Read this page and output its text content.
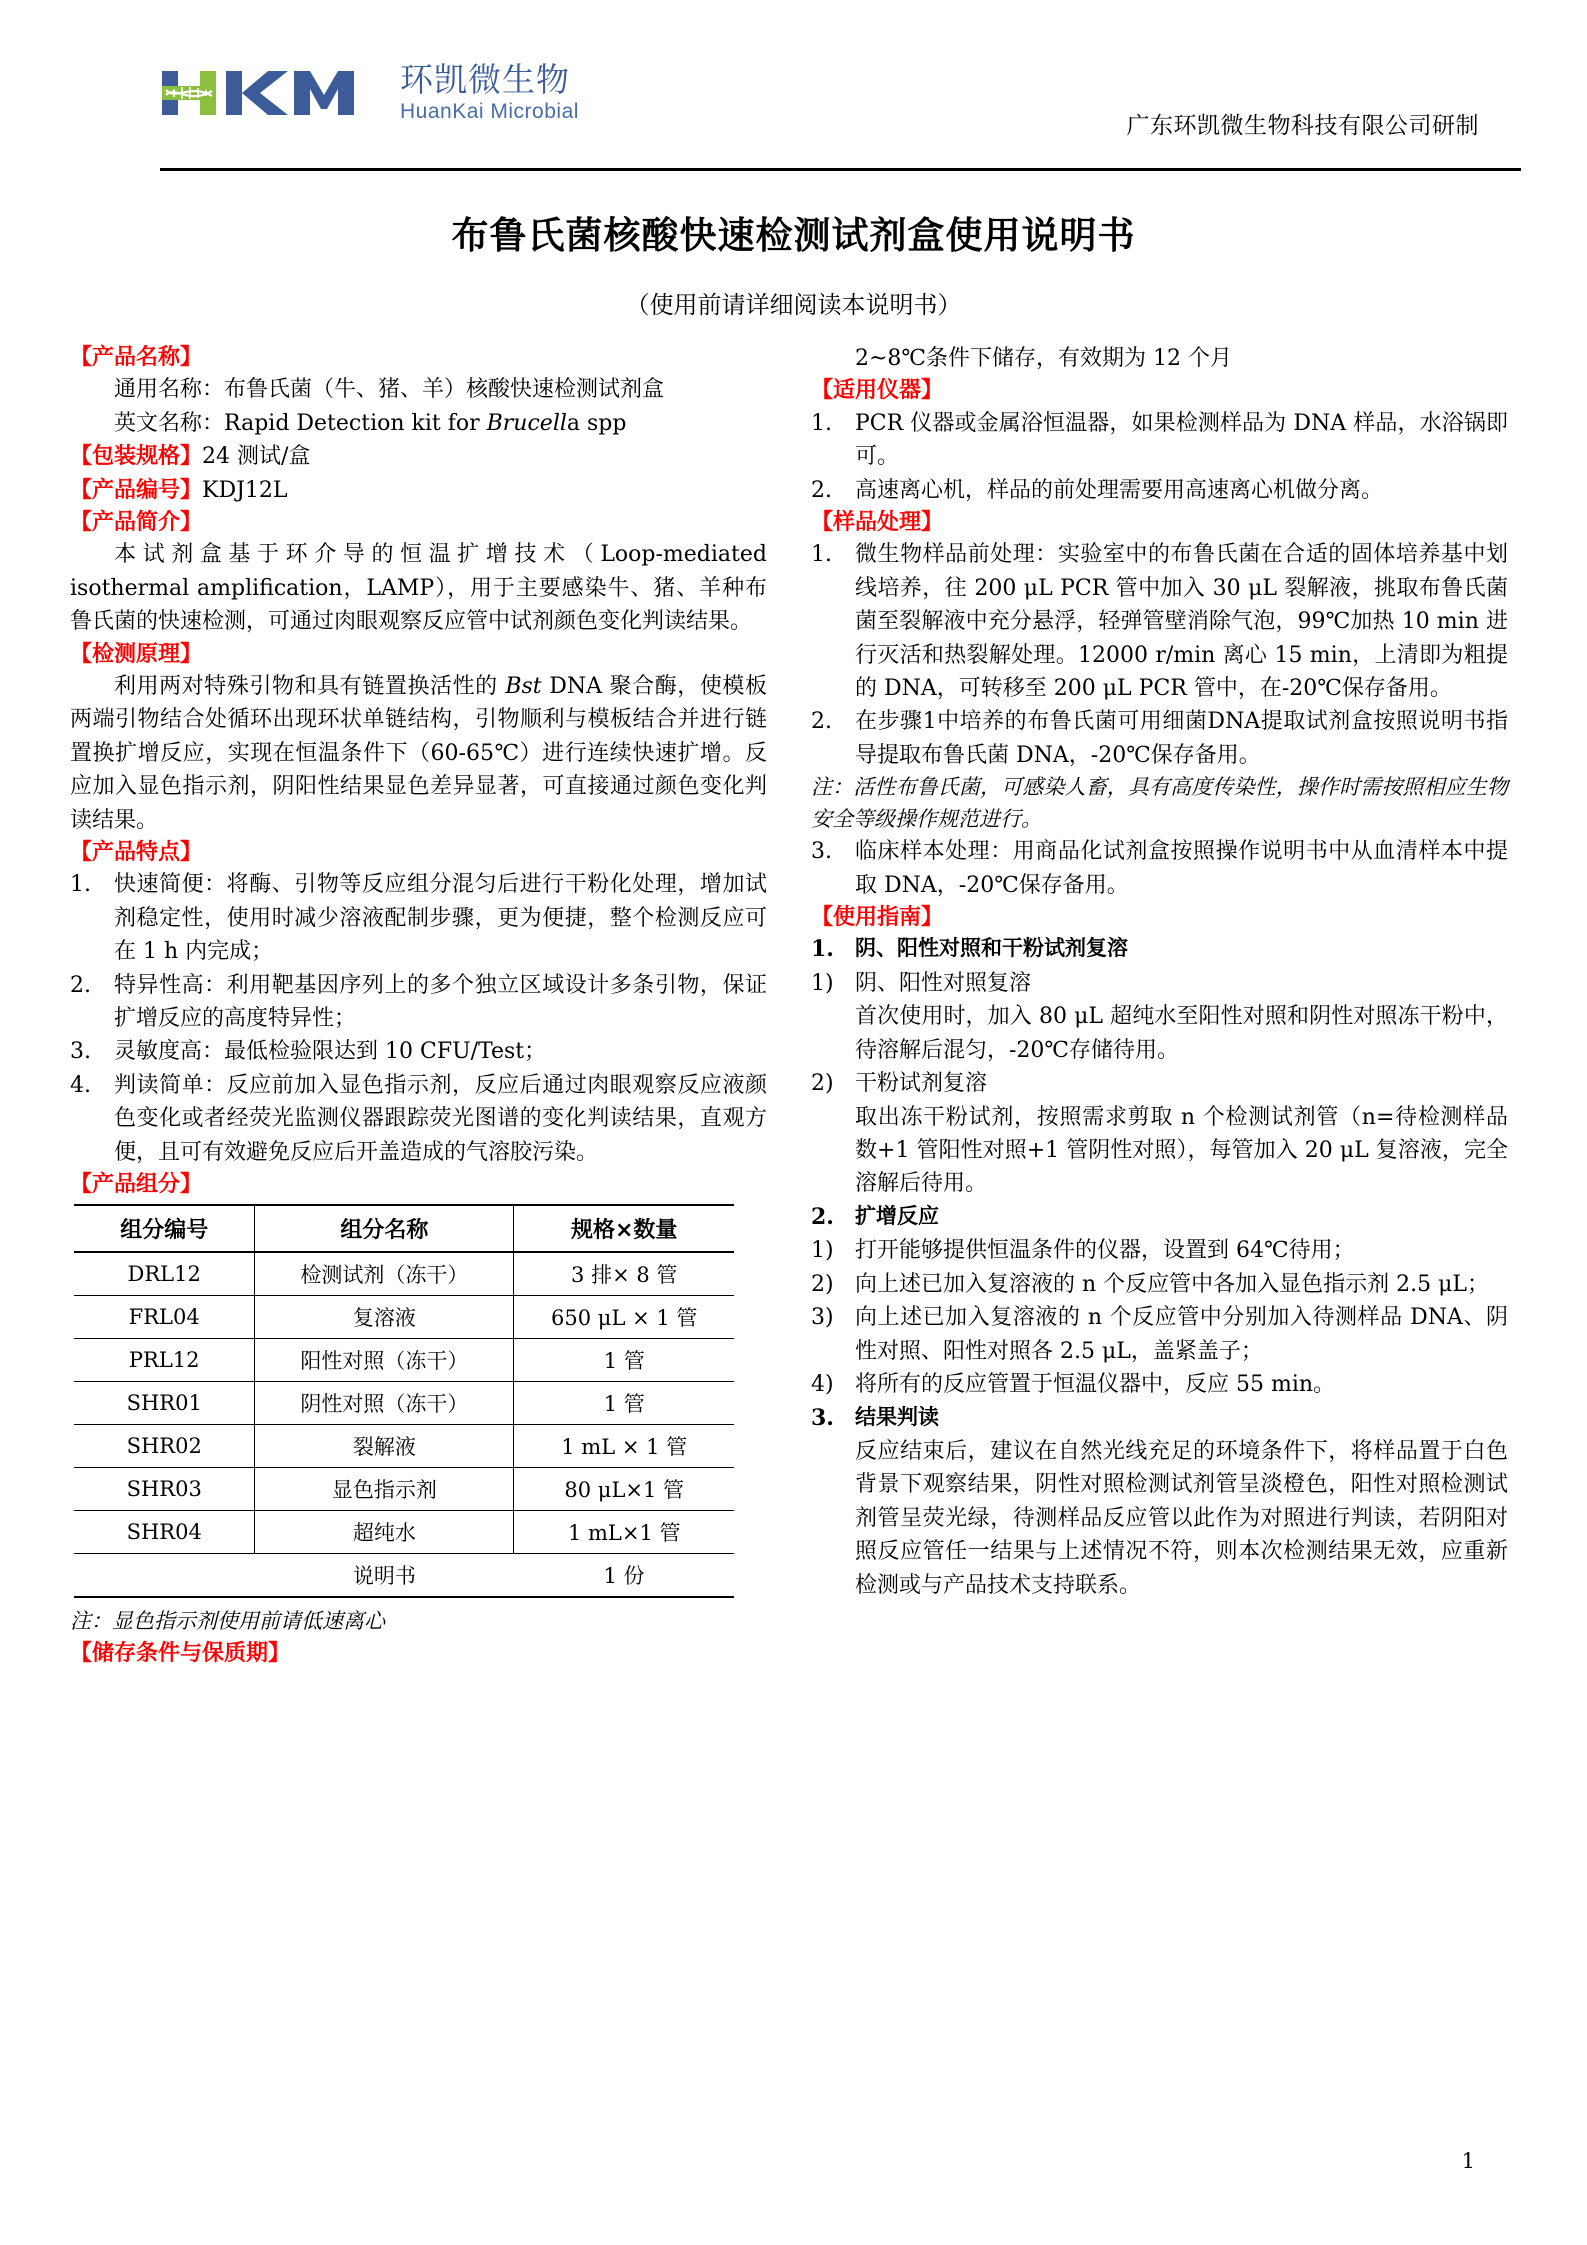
环凯微生物
HuanKai Microbial
广东环凯微生物科技有限公司研制
布鲁氏菌核酸快速检测试剂盒使用说明书
（使用前请详细阅读本说明书）
【产品名称】
通用名称：布鲁氏菌（牛、猪、羊）核酸快速检测试剂盒
英文名称：Rapid Detection kit for Brucella spp
【包装规格】24 测试/盒
【产品编号】KDJ12L
【产品简介】
本试剂盒基于环介导的恒温扩增技术（Loop-mediated isothermal amplification，LAMP），用于主要感染牛、猪、羊种布鲁氏菌的快速检测，可通过肉眼观察反应管中试剂颜色变化判读结果。
【检测原理】
利用两对特殊引物和具有链置换活性的 Bst DNA 聚合酶，使模板两端引物结合处循环出现环状单链结构，引物顺利与模板结合并进行链置换扩增反应，实现在恒温条件下（60-65℃）进行连续快速扩增。反应加入显色指示剂，阴阳性结果显色差异显著，可直接通过颜色变化判读结果。
【产品特点】
1.	快速简便：将酶、引物等反应组分混匀后进行干粉化处理，增加试剂稳定性，使用时减少溶液配制步骤，更为便捷，整个检测反应可在 1 h 内完成；
2.	特异性高：利用靶基因序列上的多个独立区域设计多条引物，保证扩增反应的高度特异性；
3.	灵敏度高：最低检验限达到 10 CFU/Test；
4.	判读简单：反应前加入显色指示剂，反应后通过肉眼观察反应液颜色变化或者经荧光监测仪器跟踪荧光图谱的变化判读结果，直观方便，且可有效避免反应后开盖造成的气溶胶污染。
【产品组分】
组分编号	组分名称	规格×数量
DRL12	检测试剂（冻干）	3 排× 8 管
FRL04	复溶液	650 μL × 1 管
PRL12	阳性对照（冻干）	1 管
SHR01	阴性对照（冻干）	1 管
SHR02	裂解液	1 mL × 1 管
SHR03	显色指示剂	80 μL×1 管
SHR04	超纯水	1 mL×1 管
	说明书	1 份
注：显色指示剂使用前请低速离心
【储存条件与保质期】
2~8℃条件下储存，有效期为 12 个月
【适用仪器】
1.	PCR 仪器或金属浴恒温器，如果检测样品为 DNA 样品，水浴锅即可。
2.	高速离心机，样品的前处理需要用高速离心机做分离。
【样品处理】
1.	微生物样品前处理：实验室中的布鲁氏菌在合适的固体培养基中划线培养，往 200 μL PCR 管中加入 30 μL 裂解液，挑取布鲁氏菌菌至裂解液中充分悬浮，轻弹管壁消除气泡，99℃加热 10 min 进行灭活和热裂解处理。12000 r/min 离心 15 min，上清即为粗提的 DNA，可转移至 200 μL PCR 管中，在-20℃保存备用。
2.	在步骤1中培养的布鲁氏菌可用细菌DNA提取试剂盒按照说明书指导提取布鲁氏菌 DNA，-20℃保存备用。
注：活性布鲁氏菌，可感染人畜，具有高度传染性，操作时需按照相应生物安全等级操作规范进行。
3.	临床样本处理：用商品化试剂盒按照操作说明书中从血清样本中提取 DNA，-20℃保存备用。
【使用指南】
1.	阴、阳性对照和干粉试剂复溶
1) 阴、阳性对照复溶
首次使用时，加入 80 μL 超纯水至阳性对照和阴性对照冻干粉中，待溶解后混匀，-20℃存储待用。
2) 干粉试剂复溶
取出冻干粉试剂，按照需求剪取 n 个检测试剂管（n=待检测样品数+1 管阳性对照+1 管阴性对照），每管加入 20 μL 复溶液，完全溶解后待用。
2.	扩增反应
1) 打开能够提供恒温条件的仪器，设置到 64℃待用；
2) 向上述已加入复溶液的 n 个反应管中各加入显色指示剂 2.5 μL；
3) 向上述已加入复溶液的 n 个反应管中分别加入待测样品 DNA、阴性对照、阳性对照各 2.5 μL，盖紧盖子；
4) 将所有的反应管置于恒温仪器中，反应 55 min。
3.	结果判读
反应结束后，建议在自然光线充足的环境条件下，将样品置于白色背景下观察结果，阴性对照检测试剂管呈淡橙色，阳性对照检测试剂管呈荧光绿，待测样品反应管以此作为对照进行判读，若阴阳对照反应管任一结果与上述情况不符，则本次检测结果无效，应重新检测或与产品技术支持联系。
1
